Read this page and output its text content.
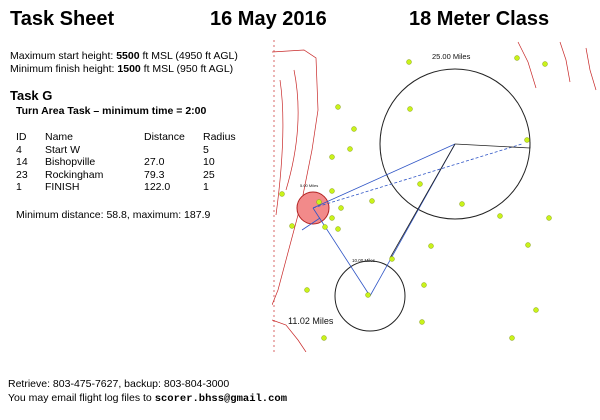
Task Sheet	16 May 2016	18 Meter Class
Maximum start height: 5500 ft MSL (4950 ft AGL)
Minimum finish height: 1500 ft MSL (950 ft AGL)
Task G
Turn Area Task – minimum time = 2:00
ID	Name	Distance	Radius
4	Start W		5
14	Bishopville	27.0	10
23	Rockingham	79.3	25
1	FINISH	122.0	1
Minimum distance: 58.8, maximum: 187.9
25.00 Miles
11.02 Miles
10.00 Miles
5.00 Miles
Retrieve: 803-475-7627, backup: 803-804-3000
You may email flight log files to scorer.bhss@gmail.com
